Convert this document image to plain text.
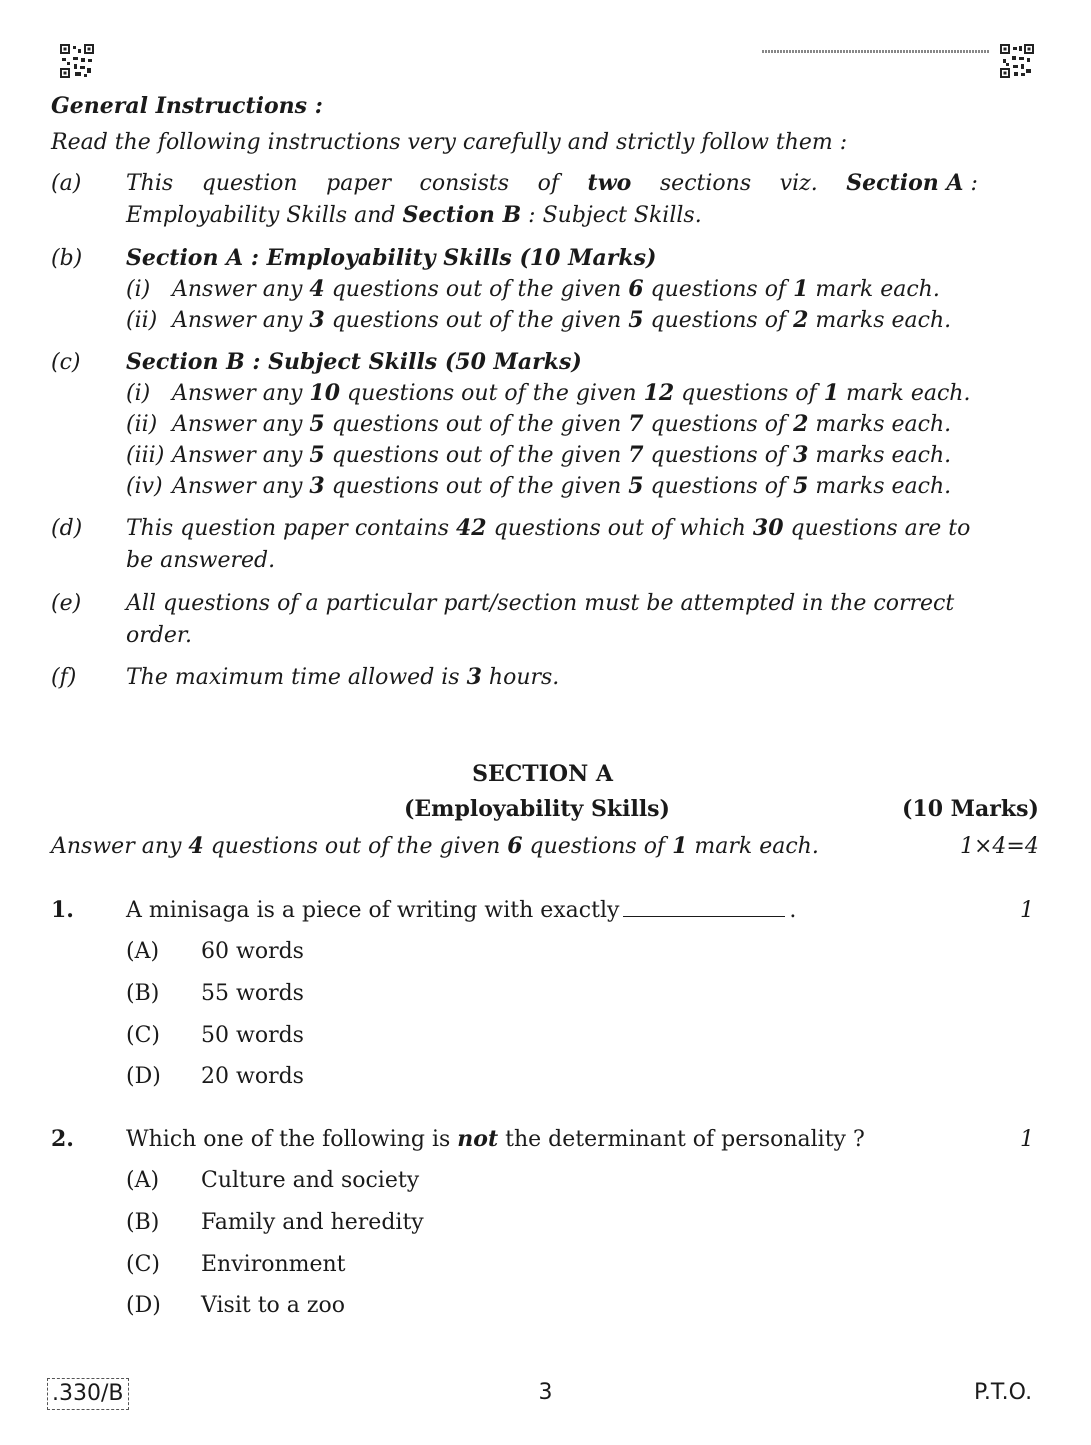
General Instructions :
Read the following instructions very carefully and strictly follow them :
(a) This question paper consists of two sections viz. Section A :
Employability Skills and Section B : Subject Skills.
(b) Section A : Employability Skills (10 Marks)
(i) Answer any 4 questions out of the given 6 questions of 1 mark each.
(ii) Answer any 3 questions out of the given 5 questions of 2 marks each.
(c) Section B : Subject Skills (50 Marks)
(i) Answer any 10 questions out of the given 12 questions of 1 mark each.
(ii) Answer any 5 questions out of the given 7 questions of 2 marks each.
(iii) Answer any 5 questions out of the given 7 questions of 3 marks each.
(iv) Answer any 3 questions out of the given 5 questions of 5 marks each.
(d) This question paper contains 42 questions out of which 30 questions are to
be answered.
(e) All questions of a particular part/section must be attempted in the correct
order.
(f) The maximum time allowed is 3 hours.
SECTION A
(Employability Skills)	(10 Marks)
Answer any 4 questions out of the given 6 questions of 1 mark each.	1×4=4
1. A minisaga is a piece of writing with exactly	.	1
(A) 60 words
(B) 55 words
(C) 50 words
(D) 20 words
2. Which one of the following is not the determinant of personality ?	1
(A) Culture and society
(B) Family and heredity
(C) Environment
(D) Visit to a zoo
.330/B	3	P.T.O.
